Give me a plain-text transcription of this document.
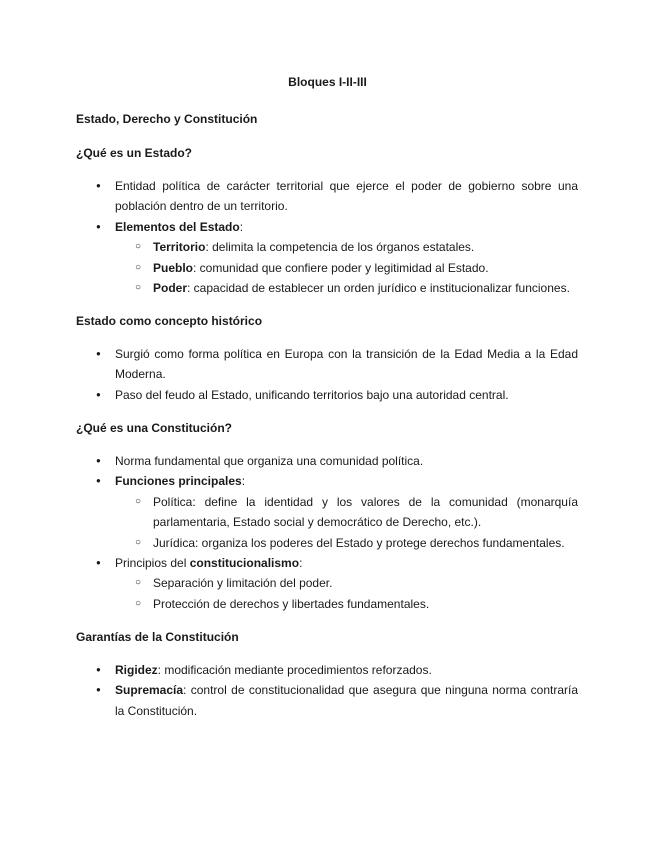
Bloques I-II-III
Estado, Derecho y Constitución
¿Qué es un Estado?
● Entidad política de carácter territorial que ejerce el poder de gobierno sobre una población dentro de un territorio.
● Elementos del Estado:
○ Territorio: delimita la competencia de los órganos estatales.
○ Pueblo: comunidad que confiere poder y legitimidad al Estado.
○ Poder: capacidad de establecer un orden jurídico e institucionalizar funciones.
Estado como concepto histórico
● Surgió como forma política en Europa con la transición de la Edad Media a la Edad Moderna.
● Paso del feudo al Estado, unificando territorios bajo una autoridad central.
¿Qué es una Constitución?
● Norma fundamental que organiza una comunidad política.
● Funciones principales:
○ Política: define la identidad y los valores de la comunidad (monarquía parlamentaria, Estado social y democrático de Derecho, etc.).
○ Jurídica: organiza los poderes del Estado y protege derechos fundamentales.
● Principios del constitucionalismo:
○ Separación y limitación del poder.
○ Protección de derechos y libertades fundamentales.
Garantías de la Constitución
● Rigidez: modificación mediante procedimientos reforzados.
● Supremacía: control de constitucionalidad que asegura que ninguna norma contraría la Constitución.
